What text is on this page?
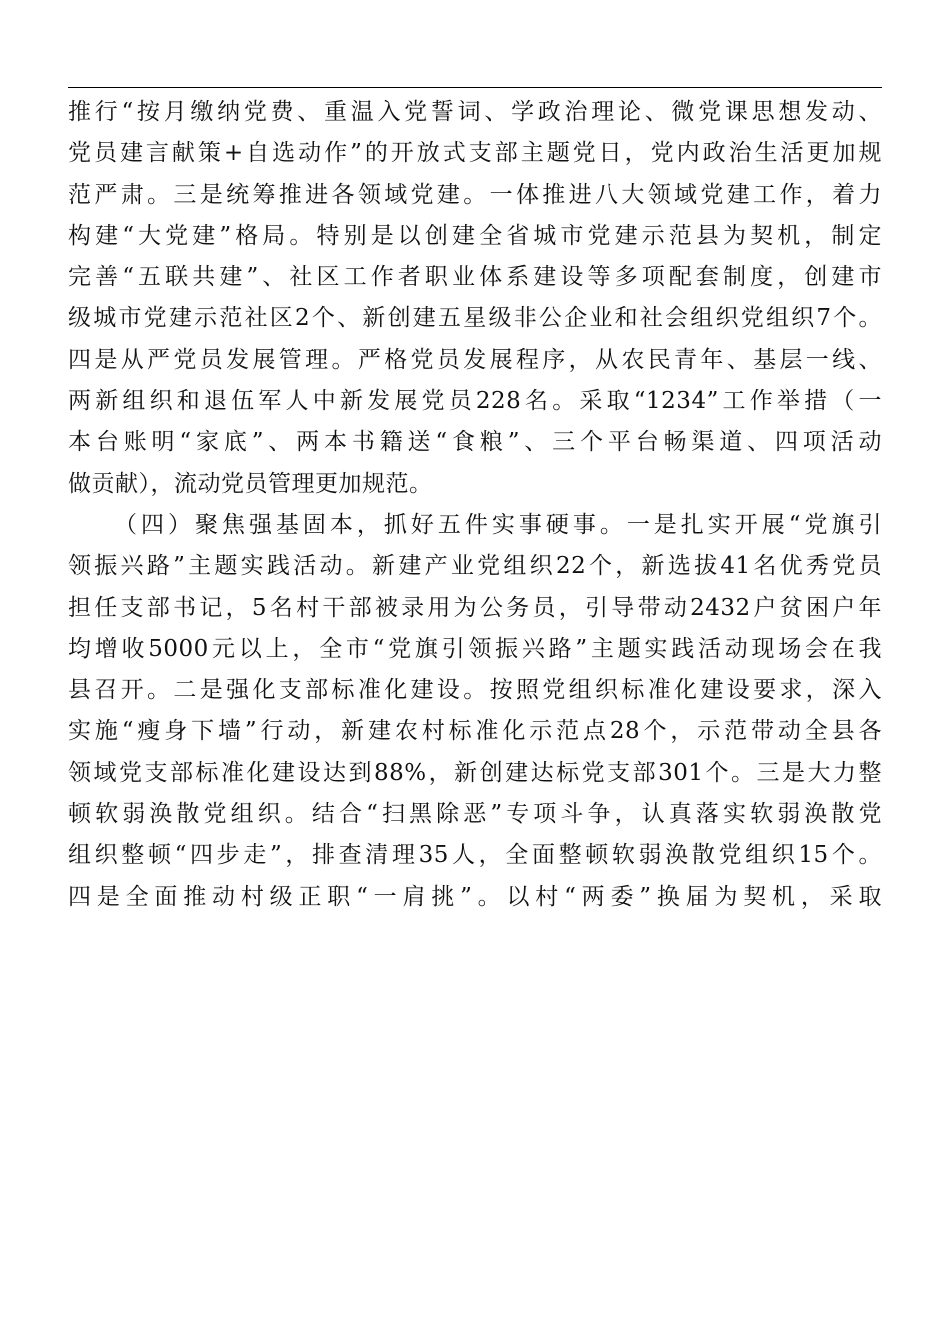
推行“按月缴纳党费、重温入党誓词、学政治理论、微党课思想发动、
党员建言献策+自选动作”的开放式支部主题党日，党内政治生活更加规
范严肃。三是统筹推进各领域党建。一体推进八大领域党建工作，着力
构建“大党建”格局。特别是以创建全省城市党建示范县为契机，制定
完善“五联共建”、社区工作者职业体系建设等多项配套制度，创建市
级城市党建示范社区2个、新创建五星级非公企业和社会组织党组织7个。
四是从严党员发展管理。严格党员发展程序，从农民青年、基层一线、
两新组织和退伍军人中新发展党员228名。采取“1234”工作举措（一
本台账明“家底”、两本书籍送“食粮”、三个平台畅渠道、四项活动
做贡献），流动党员管理更加规范。
（四）聚焦强基固本，抓好五件实事硬事。一是扎实开展“党旗引
领振兴路”主题实践活动。新建产业党组织22个，新选拔41名优秀党员
担任支部书记，5名村干部被录用为公务员，引导带动2432户贫困户年
均增收5000元以上，全市“党旗引领振兴路”主题实践活动现场会在我
县召开。二是强化支部标准化建设。按照党组织标准化建设要求，深入
实施“瘦身下墙”行动，新建农村标准化示范点28个，示范带动全县各
领域党支部标准化建设达到88%，新创建达标党支部301个。三是大力整
顿软弱涣散党组织。结合“扫黑除恶”专项斗争，认真落实软弱涣散党
组织整顿“四步走”，排查清理35人，全面整顿软弱涣散党组织15个。
四是全面推动村级正职“一肩挑”。以村“两委”换届为契机，采取
